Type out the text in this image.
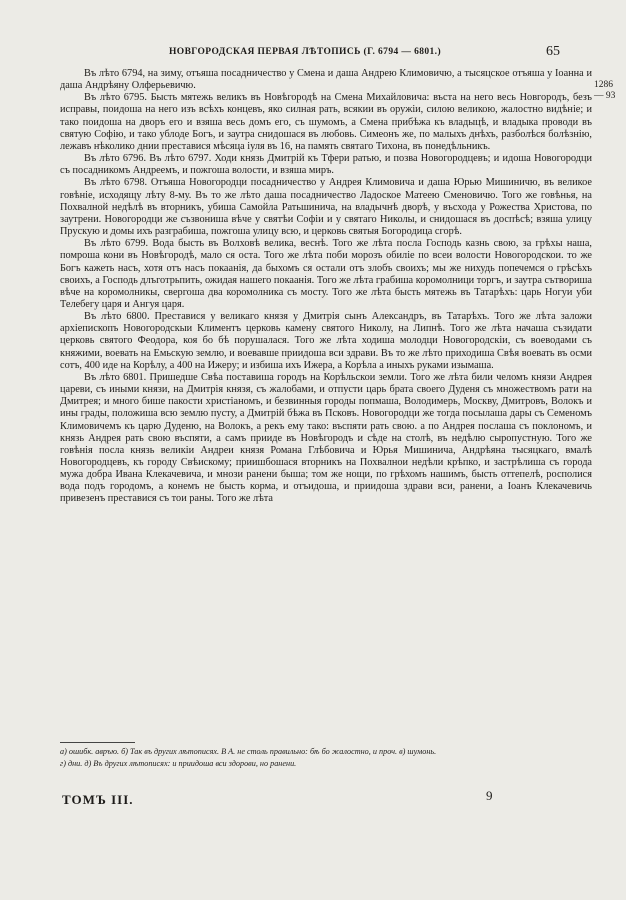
НОВГОРОДСКАЯ ПЕРВАЯ ЛѢТОПИСЬ (Г. 6794 — 6801.)	65
1286
— 93

Въ лѣто 6794, на зиму, отъяша посадничество у Смена и даша Андрею Климовичю, а тысяцское отъяша у Іоанна и даша Андрѣяну Олферьевичю.

Въ лѣто 6795. Бысть мятежь великъ въ Новѣгородѣ на Смена Михайловича: въста на него весь Новгородъ, безъ исправы, поидоша на него изъ всѣхъ концевъ, яко силная рать, всякии въ оружіи, силою великою, жалостно видѣніе; и тако поидоша на дворъ его и взяша весь домъ его, съ шумомъ, а Смена прибѣжа къ владыцѣ, и владыка проводи въ святую Софію, и тако ублоде Богъ, и заутра снидошася въ любовь. Симеонъ же, по малыхъ днѣхъ, разболѣся болѣзнію, лежавъ нѣколико днии преставися мѣсяца іуля въ 16, на память святаго Тихона, въ понедѣльникъ.

Въ лѣто 6796. Въ лѣто 6797. Ходи князь Дмитрій къ Тфери ратью, и позва Новогородцевъ; и идоша Новогородци съ посадникомъ Андреемъ, и пожгоша волости, и взяша миръ.

Въ лѣто 6798. Отъяша Новогородци посадничество у Андрея Климовича и даша Юрью Мишиничю, въ великое говѣніе, исходящу лѣту 8-му. Въ то же лѣто даша посадничество Ладоское Матеею Сменовичю. Того же говѣнья, на Похвалной недѣлѣ въ вторникъ, убиша Самойла Ратьшинича, на владычнѣ дворѣ, у въсхода у Рожества Христова, по заутрени. Новогородци же съзвониша вѣче у святѣи Софіи и у святаго Николы, и снидошася въ доспѣсѣ; взяша улицу Прускую и домы ихъ разграбиша, пожгоша улицу всю, и церковь святыя Богородица сгорѣ.

Въ лѣто 6799. Вода бысть въ Волховѣ велика, веснѣ. Того же лѣта посла Господь казнь свою, за грѣхы наша, помроша кони въ Новѣгородѣ, мало ся оста. Того же лѣта поби морозъ обиліе по всеи волости Новогородскои. то же Богъ кажеть насъ, хотя отъ насъ покаанія, да быхомъ ся остали отъ злобъ своихъ; мы же нихудь попечемся о грѣсѣхъ своихъ, а Господь длъготрьпить, ожидая нашего покаанія. Того же лѣта грабиша коромолници торгъ, и заутра сътвориша вѣче на коромолникы, свергоша два коромолника съ мосту. Того же лѣта бысть мятежь въ Татарѣхъ: царь Ногуи уби Телебегу царя и Ангуя царя.

Въ лѣто 6800. Преставися у великаго князя у Дмитрія сынъ Александръ, въ Татарѣхъ. Того же лѣта заложи архіепископъ Новогородскыи Климентъ церковь камену святого Николу, на Липнѣ. Того же лѣта начаша съзидати церковь святого Феодора, коя бо бѣ порушалася. Того же лѣта ходиша молодци Новогородскіи, съ воеводами съ княжими, воевать на Емьскую землю, и воевавше приидоша вси здрави. Въ то же лѣто приходиша Свѣя воевать въ осми сотъ, 400 иде на Корѣлу, а 400 на Ижеру; и избиша ихъ Ижера, а Корѣла а иныхъ руками изымаша.

Въ лѣто 6801. Пришедше Свѣа поставиша городъ на Корѣльскои земли. Того же лѣта били челомъ князи Андрея цареви, съ иными князи, на Дмитрія князя, съ жалобами, и отпусти царь брата своего Дуденя съ множествомъ рати на Дмитрея; и много бише пакости христіаномъ, и безвинныя городы попмаша, Володимерь, Москву, Дмитровъ, Волокъ и ины грады, положиша всю землю пусту, а Дмитрій бѣжа въ Псковъ. Новогородци же тогда посылаша дары съ Семеномъ Климовичемъ къ царю Дуденю, на Волокъ, а рекъ ему тако: въспяти рать свою. а по Андрея послаша съ поклономъ, и князь Андрея рать свою въспяти, а самъ прииде въ Новѣгородъ и сѣде на столѣ, въ недѣлю сыропустную. Того же говѣнія посла князь великіи Андреи князя Романа Глѣбовича и Юрья Мишинича, Андрѣяна тысяцкаго, вмалѣ Новогородцевъ, къ городу Свѣискому; приишбошася вторникъ на Похвалнои недѣли крѣпко, и застрѣлиша съ города мужа добра Ивана Клекачевича, и мнози ранени быша; том же нощи, по грѣхомъ нашимъ, бысть оттепелѣ, росполися вода подъ городомъ, а конемъ не бысть корма, и отъидоша, и приидоша здрави вси, ранени, а Іоанъ Клекачевичь привезенъ преставися съ тои раны. Того же лѣта

а) ошибк. авръю. б) Так въ других лѣтописях. В А. не столь правильно: бѣ бо жалостно, и проч. в) шумонь.
г) дни. д) Въ других лѣтописях: и приидоша вси здорови, но ранени.
ТОМЪ III.	9
